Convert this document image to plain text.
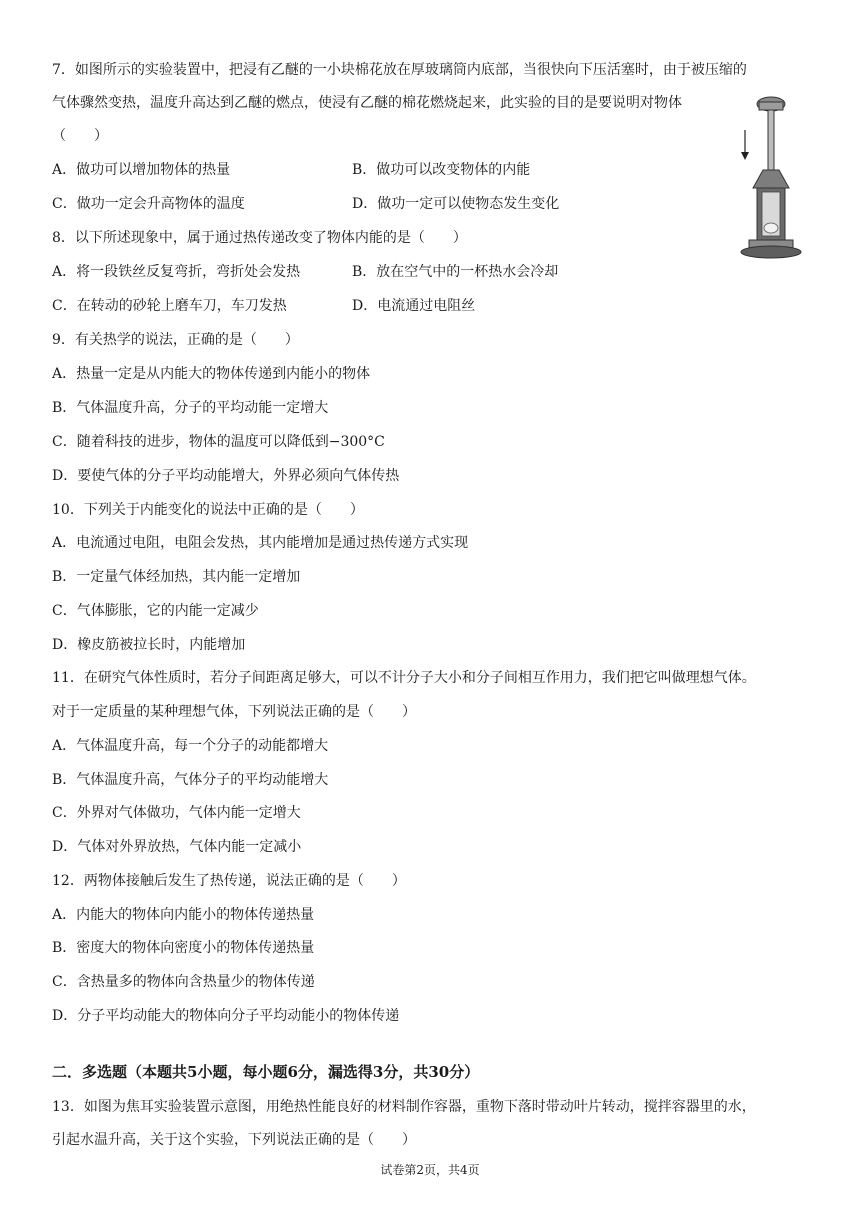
7．如图所示的实验装置中，把浸有乙醚的一小块棉花放在厚玻璃筒内底部，当很快向下压活塞时，由于被压缩的
气体骤然变热，温度升高达到乙醚的燃点，使浸有乙醚的棉花燃烧起来，此实验的目的是要说明对物体
（　　）
A．做功可以增加物体的热量	B．做功可以改变物体的内能
C．做功一定会升高物体的温度	D．做功一定可以使物态发生变化
8．以下所述现象中，属于通过热传递改变了物体内能的是（　　）
A．将一段铁丝反复弯折，弯折处会发热	B．放在空气中的一杯热水会冷却
C．在转动的砂轮上磨车刀，车刀发热	D．电流通过电阻丝
9．有关热学的说法，正确的是（　　）
A．热量一定是从内能大的物体传递到内能小的物体
B．气体温度升高，分子的平均动能一定增大
C．随着科技的进步，物体的温度可以降低到−300°C
D．要使气体的分子平均动能增大，外界必须向气体传热
10．下列关于内能变化的说法中正确的是（　　）
A．电流通过电阻，电阻会发热，其内能增加是通过热传递方式实现
B．一定量气体经加热，其内能一定增加
C．气体膨胀，它的内能一定减少
D．橡皮筋被拉长时，内能增加
11．在研究气体性质时，若分子间距离足够大，可以不计分子大小和分子间相互作用力，我们把它叫做理想气体。
对于一定质量的某种理想气体，下列说法正确的是（　　）
A．气体温度升高，每一个分子的动能都增大
B．气体温度升高，气体分子的平均动能增大
C．外界对气体做功，气体内能一定增大
D．气体对外界放热，气体内能一定减小
12．两物体接触后发生了热传递，说法正确的是（　　）
A．内能大的物体向内能小的物体传递热量
B．密度大的物体向密度小的物体传递热量
C．含热量多的物体向含热量少的物体传递
D．分子平均动能大的物体向分子平均动能小的物体传递
二．多选题（本题共5小题，每小题6分，漏选得3分，共30分）
13．如图为焦耳实验装置示意图，用绝热性能良好的材料制作容器，重物下落时带动叶片转动，搅拌容器里的水，
引起水温升高，关于这个实验，下列说法正确的是（　　）
试卷第2页，共4页
